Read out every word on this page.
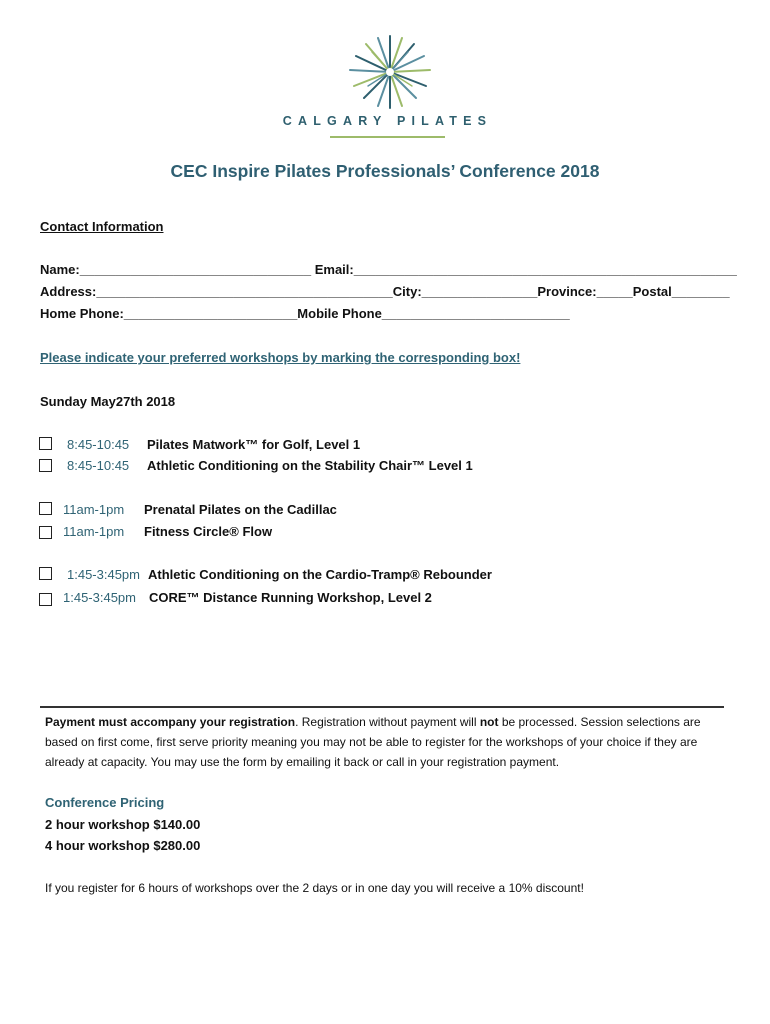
CALGARY PILATES
CEC Inspire Pilates Professionals’ Conference 2018
Contact Information
Name:________________________________ Email:_____________________________________________________
Address:_________________________________________City:________________Province:_____Postal________
Home Phone:________________________Mobile Phone__________________________
Please indicate your preferred workshops by marking the corresponding box!
Sunday May27th 2018
8:45-10:45 Pilates Matwork™ for Golf, Level 1
8:45-10:45 Athletic Conditioning on the Stability Chair™ Level 1
11am-1pm Prenatal Pilates on the Cadillac
11am-1pm Fitness Circle® Flow
1:45-3:45pm Athletic Conditioning on the Cardio-Tramp® Rebounder
1:45-3:45pm CORE™ Distance Running Workshop, Level 2
Payment must accompany your registration. Registration without payment will not be processed. Session selections are based on first come, first serve priority meaning you may not be able to register for the workshops of your choice if they are already at capacity. You may use the form by emailing it back or call in your registration payment.
Conference Pricing
2 hour workshop $140.00
4 hour workshop $280.00
If you register for 6 hours of workshops over the 2 days or in one day you will receive a 10% discount!
